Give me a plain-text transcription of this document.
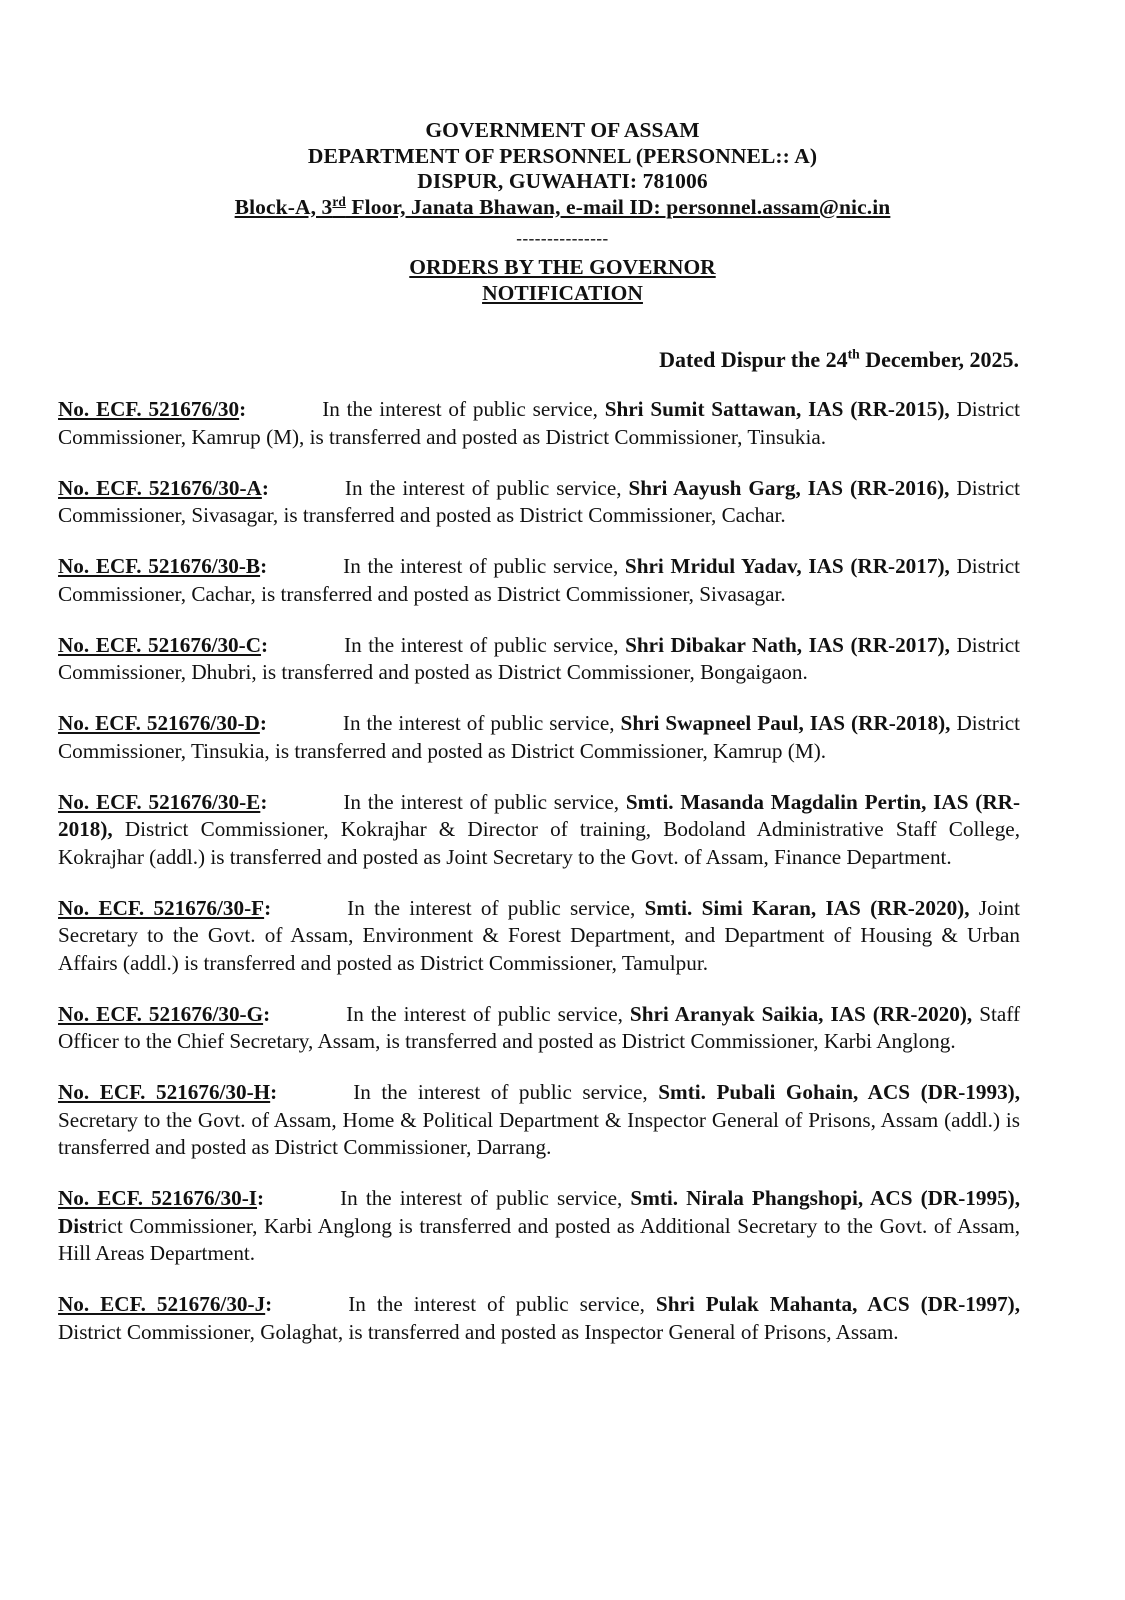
GOVERNMENT OF ASSAM
DEPARTMENT OF PERSONNEL (PERSONNEL:: A)
DISPUR, GUWAHATI: 781006
Block-A, 3rd Floor, Janata Bhawan, e-mail ID: personnel.assam@nic.in
---------------
ORDERS BY THE GOVERNOR
NOTIFICATION
Dated Dispur the 24th December, 2025.

No. ECF. 521676/30:	In the interest of public service, Shri Sumit Sattawan, IAS (RR-2015), District Commissioner, Kamrup (M), is transferred and posted as District Commissioner, Tinsukia.

No. ECF. 521676/30-A:	In the interest of public service, Shri Aayush Garg, IAS (RR-2016), District Commissioner, Sivasagar, is transferred and posted as District Commissioner, Cachar.

No. ECF. 521676/30-B:	In the interest of public service, Shri Mridul Yadav, IAS (RR-2017), District Commissioner, Cachar, is transferred and posted as District Commissioner, Sivasagar.

No. ECF. 521676/30-C:	In the interest of public service, Shri Dibakar Nath, IAS (RR-2017), District Commissioner, Dhubri, is transferred and posted as District Commissioner, Bongaigaon.

No. ECF. 521676/30-D:	In the interest of public service, Shri Swapneel Paul, IAS (RR-2018), District Commissioner, Tinsukia, is transferred and posted as District Commissioner, Kamrup (M).

No. ECF. 521676/30-E:	In the interest of public service, Smti. Masanda Magdalin Pertin, IAS (RR-2018), District Commissioner, Kokrajhar & Director of training, Bodoland Administrative Staff College, Kokrajhar (addl.) is transferred and posted as Joint Secretary to the Govt. of Assam, Finance Department.

No. ECF. 521676/30-F:	In the interest of public service, Smti. Simi Karan, IAS (RR-2020), Joint Secretary to the Govt. of Assam, Environment & Forest Department, and Department of Housing & Urban Affairs (addl.) is transferred and posted as District Commissioner, Tamulpur.

No. ECF. 521676/30-G:	In the interest of public service, Shri Aranyak Saikia, IAS (RR-2020), Staff Officer to the Chief Secretary, Assam, is transferred and posted as District Commissioner, Karbi Anglong.

No. ECF. 521676/30-H:	In the interest of public service, Smti. Pubali Gohain, ACS (DR-1993), Secretary to the Govt. of Assam, Home & Political Department & Inspector General of Prisons, Assam (addl.) is transferred and posted as District Commissioner, Darrang.

No. ECF. 521676/30-I:	In the interest of public service, Smti. Nirala Phangshopi, ACS (DR-1995), District Commissioner, Karbi Anglong is transferred and posted as Additional Secretary to the Govt. of Assam, Hill Areas Department.

No. ECF. 521676/30-J:	In the interest of public service, Shri Pulak Mahanta, ACS (DR-1997), District Commissioner, Golaghat, is transferred and posted as Inspector General of Prisons, Assam.
